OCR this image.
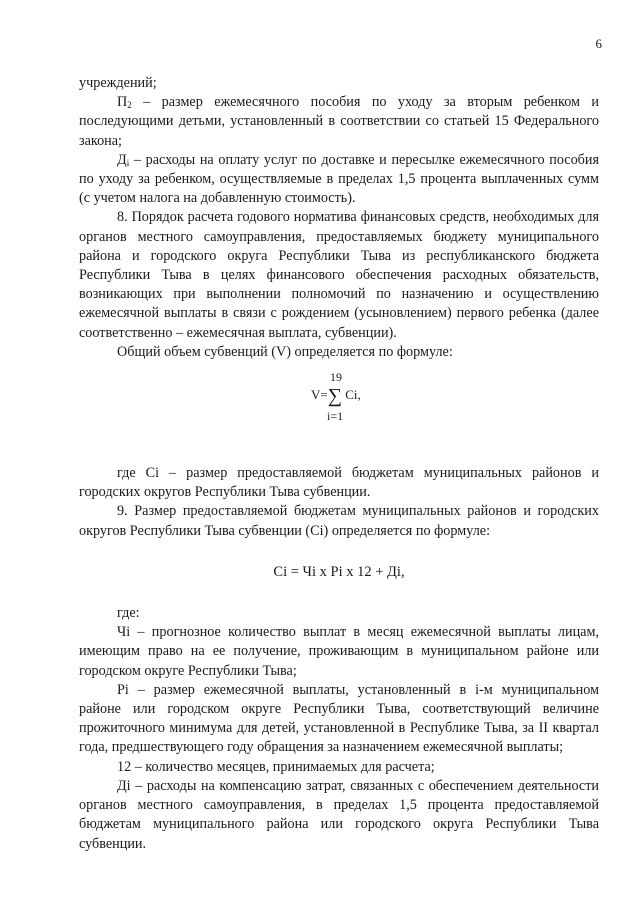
6

учреждений;

$П_2$ – размер ежемесячного пособия по уходу за вторым ребенком и последующими детьми, установленный в соответствии со статьей 15 Федерального закона;

$Д_i$ – расходы на оплату услуг по доставке и пересылке ежемесячного пособия по уходу за ребенком, осуществляемые в пределах 1,5 процента выплаченных сумм (с учетом налога на добавленную стоимость).

8. Порядок расчета годового норматива финансовых средств, необходимых для органов местного самоуправления, предоставляемых бюджету муниципального района и городского округа Республики Тыва из республиканского бюджета Республики Тыва в целях финансового обеспечения расходных обязательств, возникающих при выполнении полномочий по назначению и осуществлению ежемесячной выплаты в связи с рождением (усыновлением) первого ребенка (далее соответственно – ежемесячная выплата, субвенции).

Общий объем субвенций (V) определяется по формуле:

19
V=∑ Ci,
i=1

где Ci – размер предоставляемой бюджетам муниципальных районов и городских округов Республики Тыва субвенции.

9. Размер предоставляемой бюджетам муниципальных районов и городских округов Республики Тыва субвенции (Ci) определяется по формуле:

Ci = Чi x Pi x 12 + Дi,

где:

Чi – прогнозное количество выплат в месяц ежемесячной выплаты лицам, имеющим право на ее получение, проживающим в муниципальном районе или городском округе Республики Тыва;

Pi – размер ежемесячной выплаты, установленный в i-м муниципальном районе или городском округе Республики Тыва, соответствующий величине прожиточного минимума для детей, установленной в Республике Тыва, за II квартал года, предшествующего году обращения за назначением ежемесячной выплаты;

12 – количество месяцев, принимаемых для расчета;

Дi – расходы на компенсацию затрат, связанных с обеспечением деятельности органов местного самоуправления, в пределах 1,5 процента предоставляемой бюджетам муниципального района или городского округа Республики Тыва субвенции.
